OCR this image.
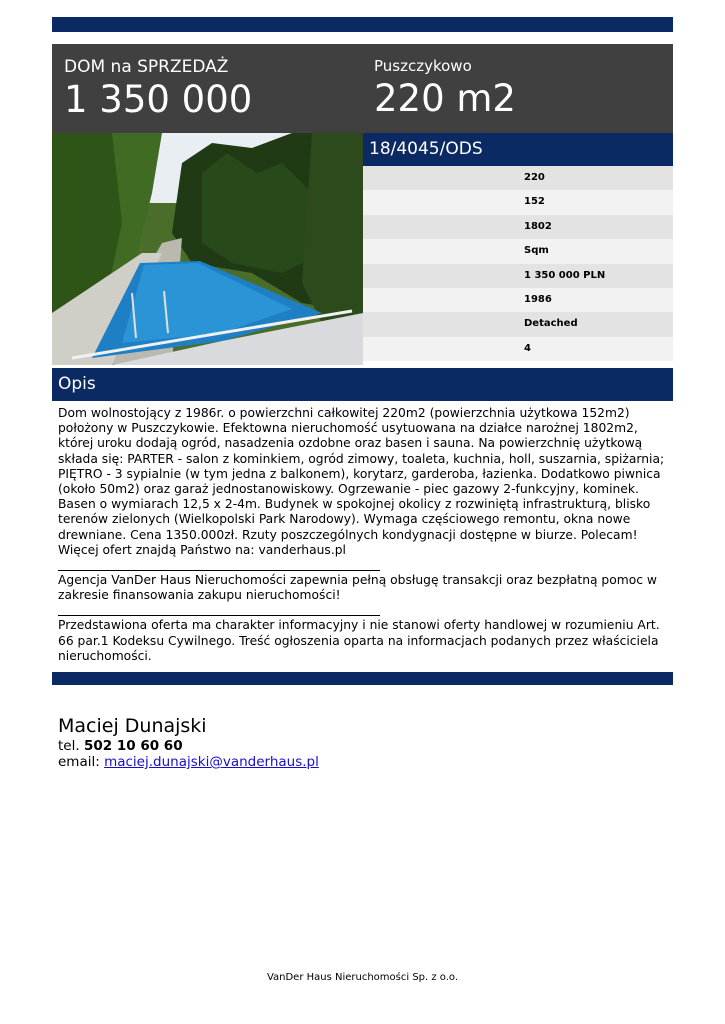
DOM na SPRZEDAŻ
1 350 000
Puszczykowo
220 m2
18/4045/ODS
220
152
1802
Sqm
1 350 000 PLN
1986
Detached
4
Opis

Dom wolnostojący z 1986r. o powierzchni całkowitej 220m2 (powierzchnia użytkowa 152m2) położony w Puszczykowie. Efektowna nieruchomość usytuowana na działce narożnej 1802m2, której uroku dodają ogród, nasadzenia ozdobne oraz basen i sauna. Na powierzchnię użytkową składa się: PARTER - salon z kominkiem, ogród zimowy, toaleta, kuchnia, holl, suszarnia, spiżarnia; PIĘTRO - 3 sypialnie (w tym jedna z balkonem), korytarz, garderoba, łazienka. Dodatkowo piwnica (około 50m2) oraz garaż jednostanowiskowy. Ogrzewanie - piec gazowy 2-funkcyjny, kominek. Basen o wymiarach 12,5 x 2-4m. Budynek w spokojnej okolicy z rozwiniętą infrastrukturą, blisko terenów zielonych (Wielkopolski Park Narodowy). Wymaga częściowego remontu, okna nowe drewniane. Cena 1350.000zł. Rzuty poszczególnych kondygnacji dostępne w biurze. Polecam! Więcej ofert znajdą Państwo na: vanderhaus.pl

Agencja VanDer Haus Nieruchomości zapewnia pełną obsługę transakcji oraz bezpłatną pomoc w zakresie finansowania zakupu nieruchomości!

Przedstawiona oferta ma charakter informacyjny i nie stanowi oferty handlowej w rozumieniu Art. 66 par.1 Kodeksu Cywilnego. Treść ogłoszenia oparta na informacjach podanych przez właściciela nieruchomości.

Maciej Dunajski
tel. 502 10 60 60
email: maciej.dunajski@vanderhaus.pl
VanDer Haus Nieruchomości Sp. z o.o.
